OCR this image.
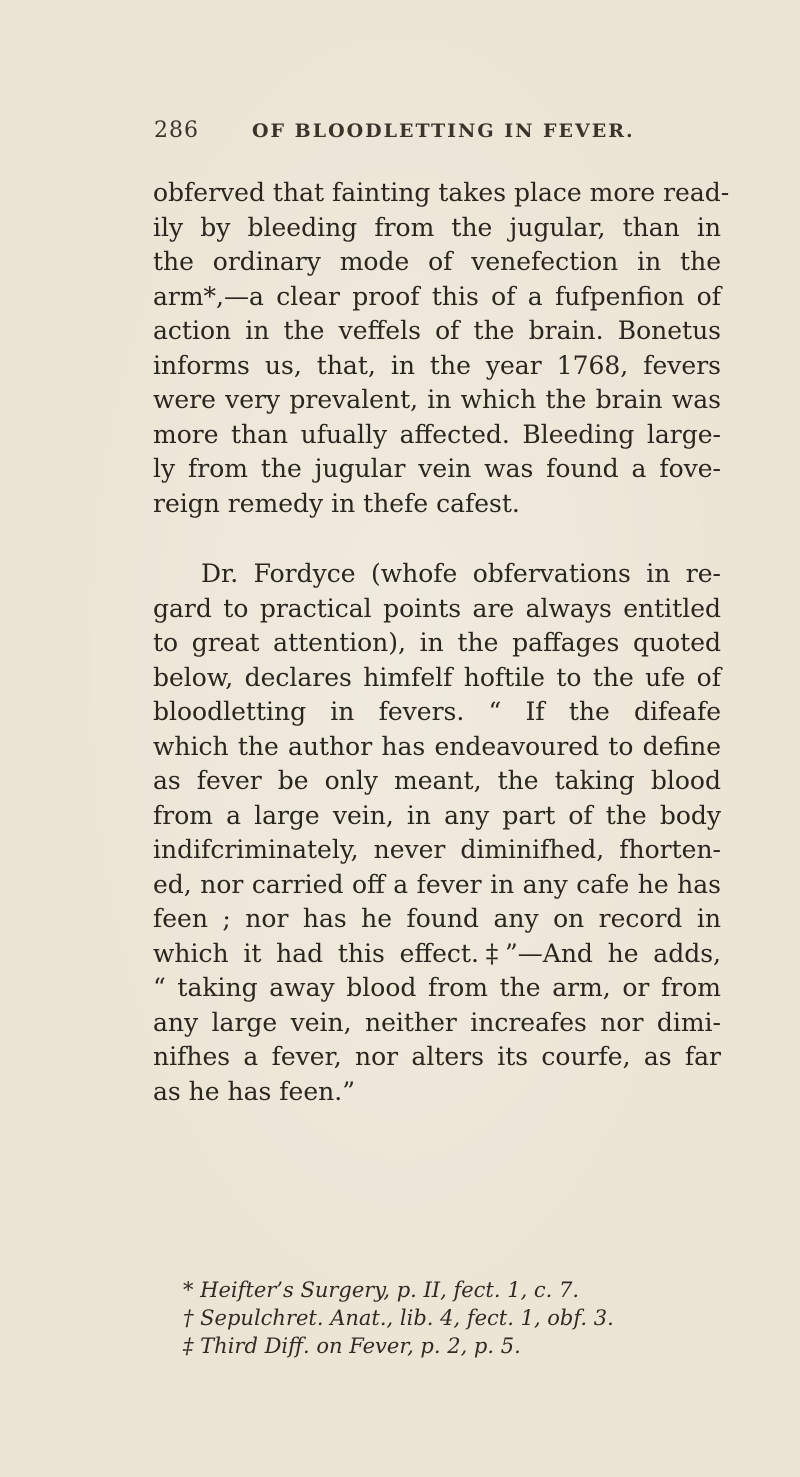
286	OF BLOODLETTING IN FEVER.
obferved that fainting takes place more read-
ily by bleeding from the jugular, than in
the ordinary mode of venefection in the
arm*,—a clear proof this of a fufpenfion of
action in the veffels of the brain. Bonetus
informs us, that, in the year 1768, fevers
were very prevalent, in which the brain was
more than ufually affected. Bleeding large-
ly from the jugular vein was found a fove-
reign remedy in thefe cafest.
Dr. Fordyce (whofe obfervations in re-
gard to practical points are always entitled
to great attention), in the paffages quoted
below, declares himfelf hoftile to the ufe of
bloodletting in fevers. “ If the difeafe
which the author has endeavoured to define
as fever be only meant, the taking blood
from a large vein, in any part of the body
indifcriminately, never diminifhed, fhorten-
ed, nor carried off a fever in any cafe he has
feen ; nor has he found any on record in
which it had this effect.‡”—And he adds,
“ taking away blood from the arm, or from
any large vein, neither increafes nor dimi-
nifhes a fever, nor alters its courfe, as far
as he has feen.”
* Heifter’s Surgery, p. II, fect. 1, c. 7.
† Sepulchret. Anat., lib. 4, fect. 1, obf. 3.
‡ Third Diff. on Fever, p. 2, p. 5.
